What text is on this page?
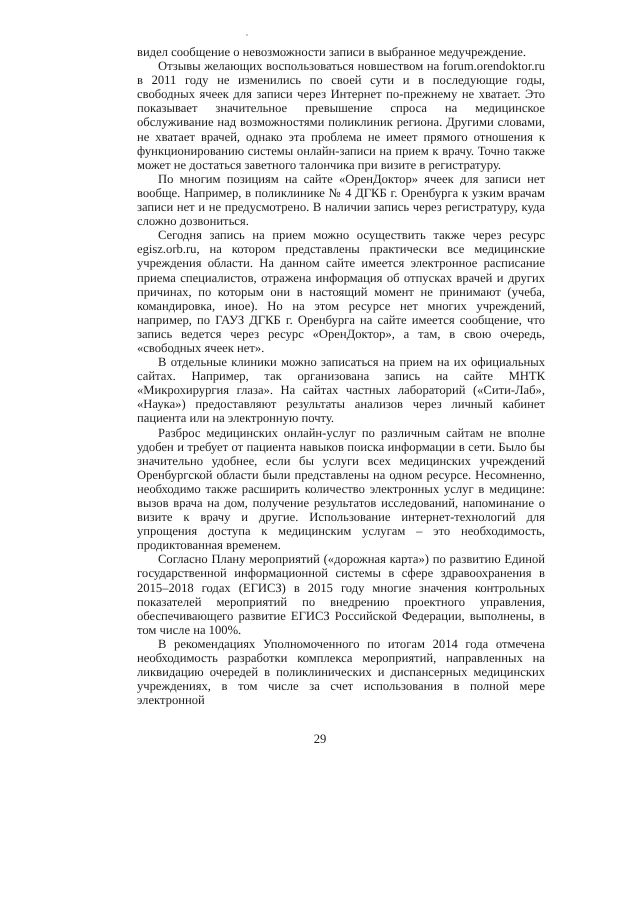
видел сообщение о невозможности записи в выбранное медучреждение.

Отзывы желающих воспользоваться новшеством на forum.orendoktor.ru в 2011 году не изменились по своей сути и в последующие годы, свободных ячеек для записи через Интернет по-прежнему не хватает. Это показывает значительное превышение спроса на медицинское обслуживание над возможностями поликлиник региона. Другими словами, не хватает врачей, однако эта проблема не имеет прямого отношения к функционированию системы онлайн-записи на прием к врачу. Точно также может не достаться заветного талончика при визите в регистратуру.

По многим позициям на сайте «ОренДоктор» ячеек для записи нет вообще. Например, в поликлинике № 4 ДГКБ г. Оренбурга к узким врачам записи нет и не предусмотрено. В наличии запись через регистратуру, куда сложно дозвониться.

Сегодня запись на прием можно осуществить также через ресурс egisz.orb.ru, на котором представлены практически все медицинские учреждения области. На данном сайте имеется электронное расписание приема специалистов, отражена информация об отпусках врачей и других причинах, по которым они в настоящий момент не принимают (учеба, командировка, иное). Но на этом ресурсе нет многих учреждений, например, по ГАУЗ ДГКБ г. Оренбурга на сайте имеется сообщение, что запись ведется через ресурс «ОренДоктор», а там, в свою очередь, «свободных ячеек нет».

В отдельные клиники можно записаться на прием на их официальных сайтах. Например, так организована запись на сайте МНТК «Микрохирургия глаза». На сайтах частных лабораторий («Сити-Лаб», «Наука») предоставляют результаты анализов через личный кабинет пациента или на электронную почту.

Разброс медицинских онлайн-услуг по различным сайтам не вполне удобен и требует от пациента навыков поиска информации в сети. Было бы значительно удобнее, если бы услуги всех медицинских учреждений Оренбургской области были представлены на одном ресурсе. Несомненно, необходимо также расширить количество электронных услуг в медицине: вызов врача на дом, получение результатов исследований, напоминание о визите к врачу и другие. Использование интернет-технологий для упрощения доступа к медицинским услугам – это необходимость, продиктованная временем.

Согласно Плану мероприятий («дорожная карта») по развитию Единой государственной информационной системы в сфере здравоохранения в 2015–2018 годах (ЕГИСЗ) в 2015 году многие значения контрольных показателей мероприятий по внедрению проектного управления, обеспечивающего развитие ЕГИСЗ Российской Федерации, выполнены, в том числе на 100%.

В рекомендациях Уполномоченного по итогам 2014 года отмечена необходимость разработки комплекса мероприятий, направленных на ликвидацию очередей в поликлинических и диспансерных медицинских учреждениях, в том числе за счет использования в полной мере электронной

29
